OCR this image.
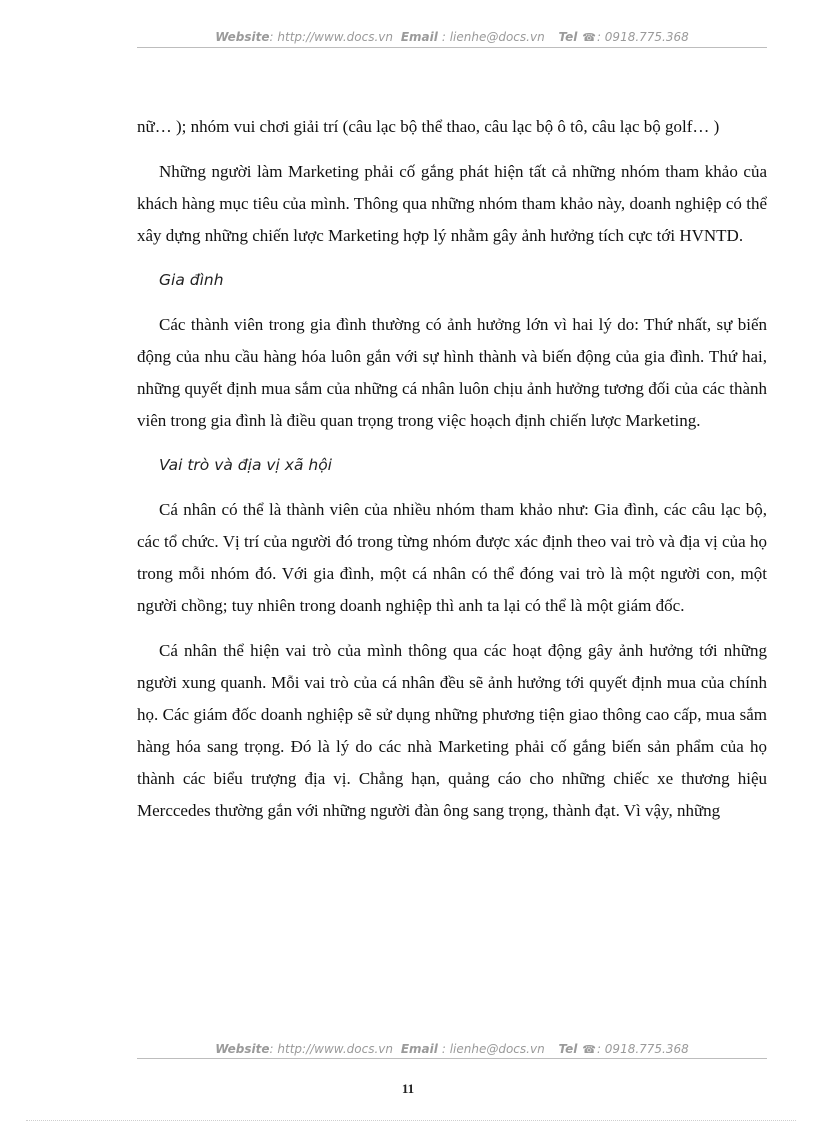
Website: http://www.docs.vn Email : lienhe@docs.vn Tel ☎: 0918.775.368

nữ… ); nhóm vui chơi giải trí (câu lạc bộ thể thao, câu lạc bộ ô tô, câu lạc bộ golf… )

Những người làm Marketing phải cố gắng phát hiện tất cả những nhóm tham khảo của khách hàng mục tiêu của mình. Thông qua những nhóm tham khảo này, doanh nghiệp có thể xây dựng những chiến lược Marketing hợp lý nhằm gây ảnh hưởng tích cực tới HVNTD.

Gia đình

Các thành viên trong gia đình thường có ảnh hưởng lớn vì hai lý do: Thứ nhất, sự biến động của nhu cầu hàng hóa luôn gắn với sự hình thành và biến động của gia đình. Thứ hai, những quyết định mua sắm của những cá nhân luôn chịu ảnh hưởng tương đối của các thành viên trong gia đình là điều quan trọng trong việc hoạch định chiến lược Marketing.

Vai trò và địa vị xã hội

Cá nhân có thể là thành viên của nhiều nhóm tham khảo như: Gia đình, các câu lạc bộ, các tổ chức. Vị trí của người đó trong từng nhóm được xác định theo vai trò và địa vị của họ trong mỗi nhóm đó. Với gia đình, một cá nhân có thể đóng vai trò là một người con, một người chồng; tuy nhiên trong doanh nghiệp thì anh ta lại có thể là một giám đốc.

Cá nhân thể hiện vai trò của mình thông qua các hoạt động gây ảnh hưởng tới những người xung quanh. Mỗi vai trò của cá nhân đều sẽ ảnh hưởng tới quyết định mua của chính họ. Các giám đốc doanh nghiệp sẽ sử dụng những phương tiện giao thông cao cấp, mua sắm hàng hóa sang trọng. Đó là lý do các nhà Marketing phải cố gắng biến sản phẩm của họ thành các biểu trượng địa vị. Chẳng hạn, quảng cáo cho những chiếc xe thương hiệu Merccedes thường gắn với những người đàn ông sang trọng, thành đạt. Vì vậy, những

Website: http://www.docs.vn Email : lienhe@docs.vn Tel ☎: 0918.775.368
11
